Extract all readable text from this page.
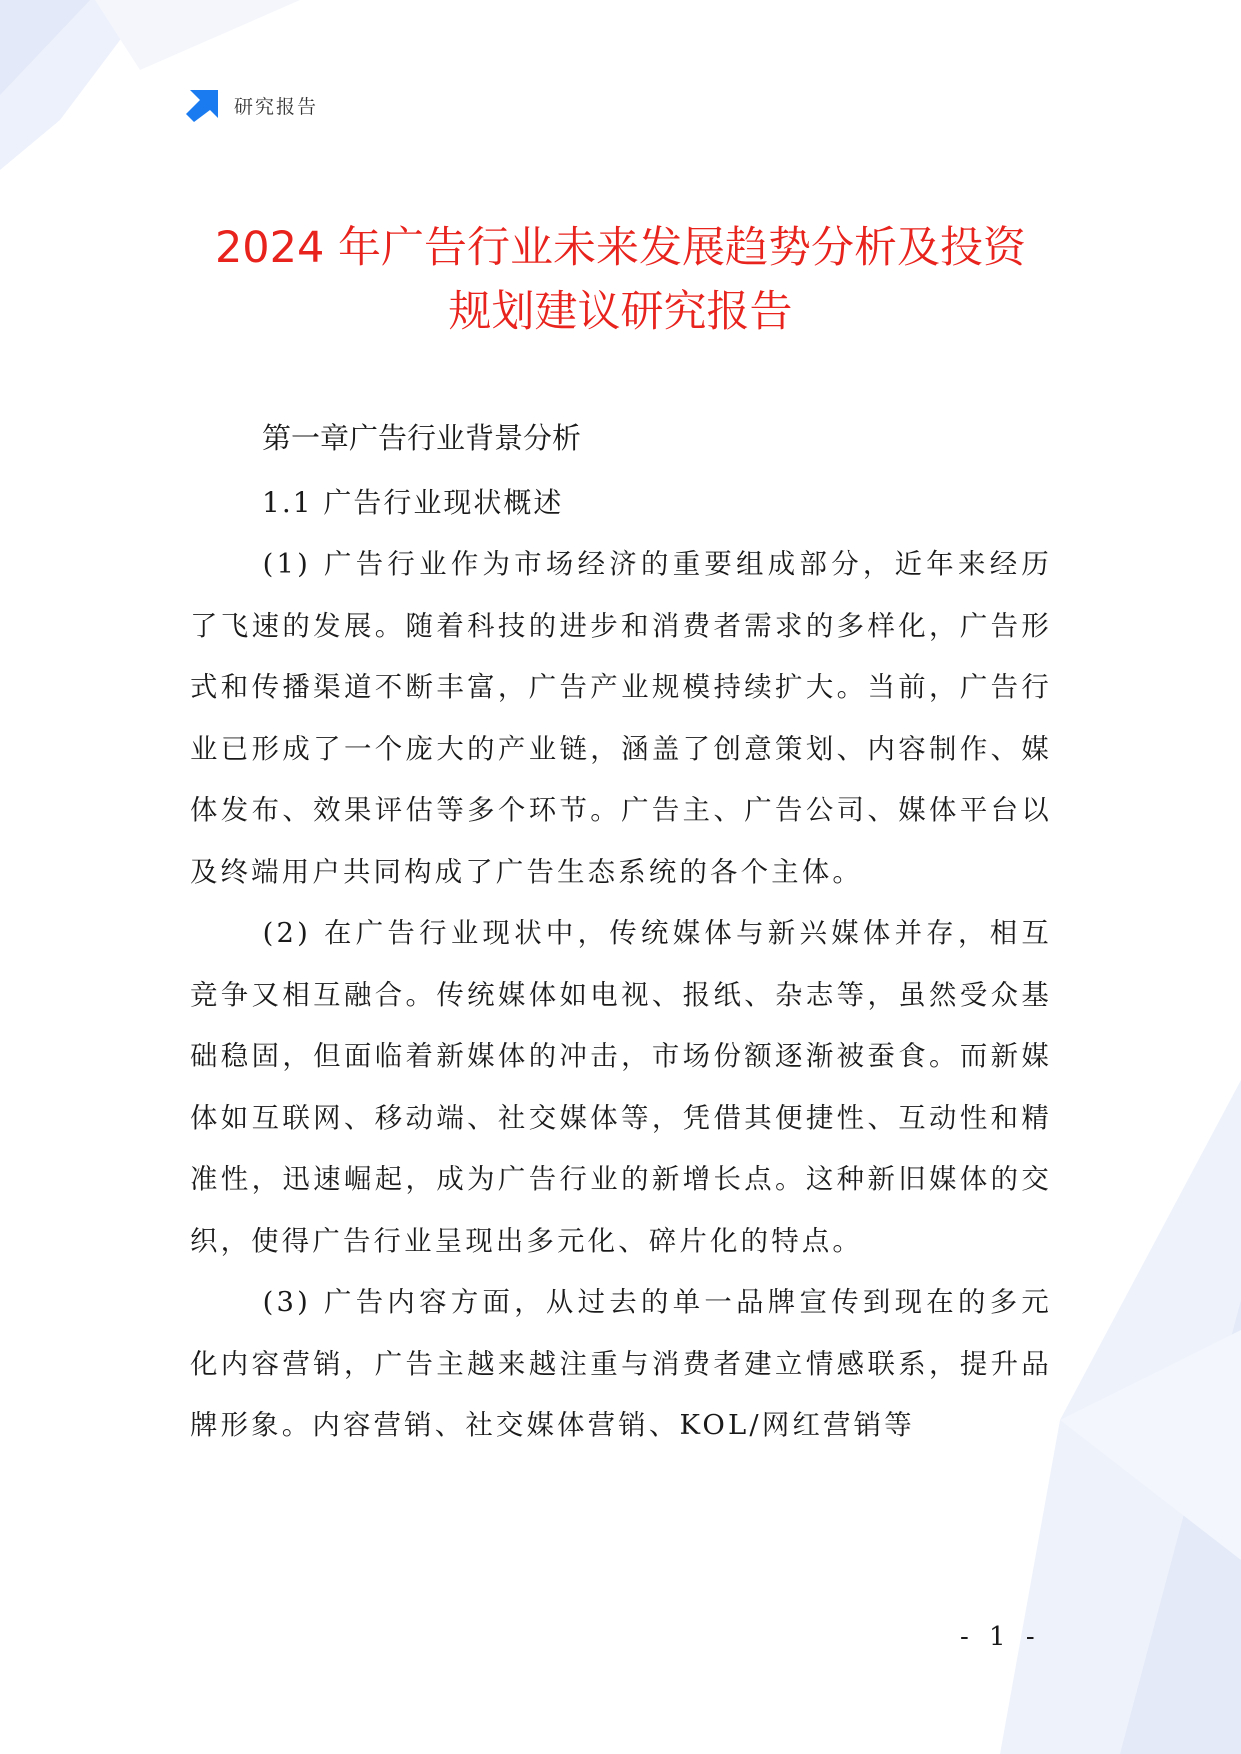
研究报告
2024 年广告行业未来发展趋势分析及投资
规划建议研究报告
第一章广告行业背景分析
1.1 广告行业现状概述

(1) 广告行业作为市场经济的重要组成部分，近年来经历了飞速的发展。随着科技的进步和消费者需求的多样化，广告形式和传播渠道不断丰富，广告产业规模持续扩大。当前，广告行业已形成了一个庞大的产业链，涵盖了创意策划、内容制作、媒体发布、效果评估等多个环节。广告主、广告公司、媒体平台以及终端用户共同构成了广告生态系统的各个主体。

(2) 在广告行业现状中，传统媒体与新兴媒体并存，相互竞争又相互融合。传统媒体如电视、报纸、杂志等，虽然受众基础稳固，但面临着新媒体的冲击，市场份额逐渐被蚕食。而新媒体如互联网、移动端、社交媒体等，凭借其便捷性、互动性和精准性，迅速崛起，成为广告行业的新增长点。这种新旧媒体的交织，使得广告行业呈现出多元化、碎片化的特点。

(3) 广告内容方面，从过去的单一品牌宣传到现在的多元化内容营销，广告主越来越注重与消费者建立情感联系，提升品牌形象。内容营销、社交媒体营销、KOL/网红营销等

- 1 -
